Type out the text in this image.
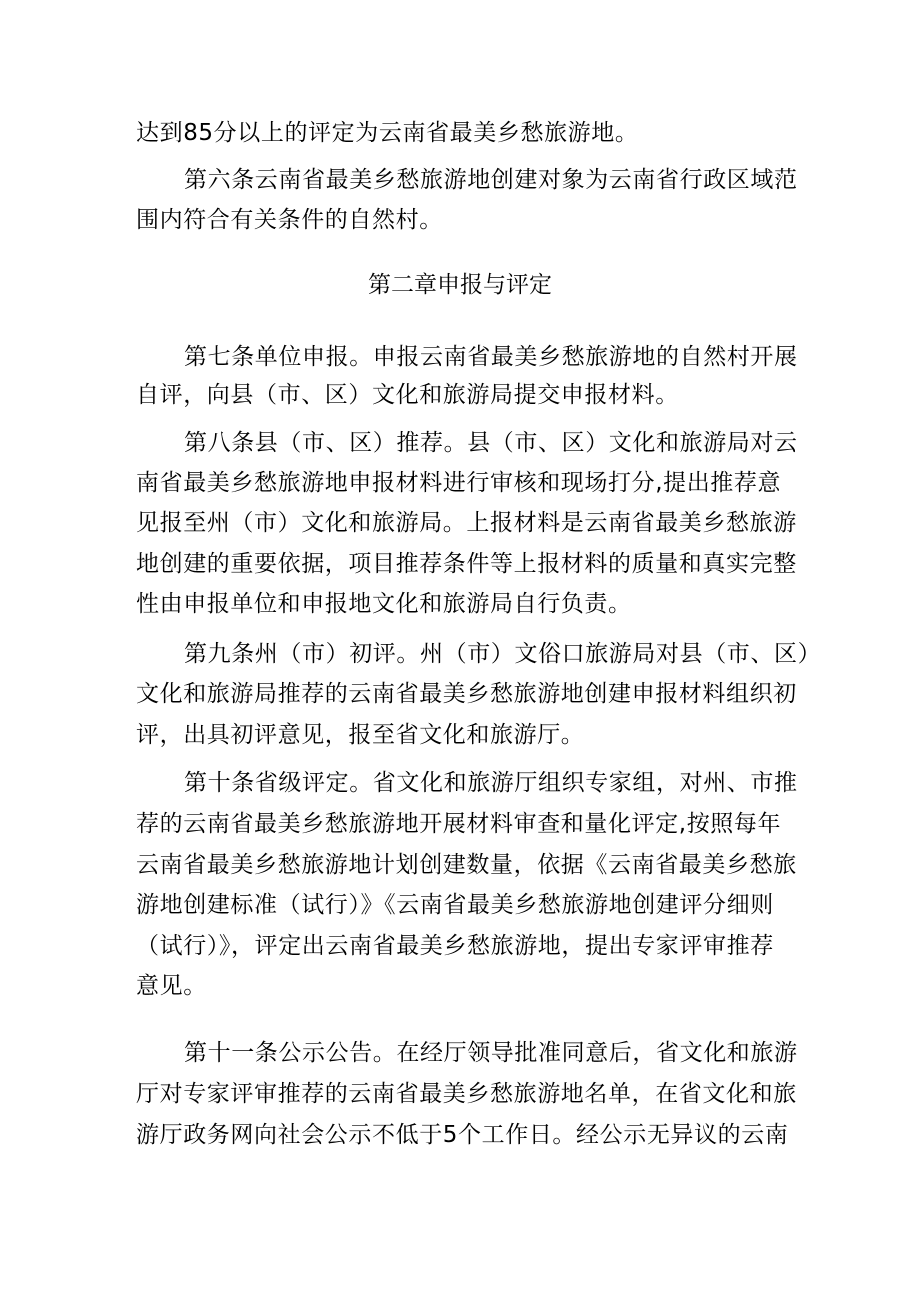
达到85分以上的评定为云南省最美乡愁旅游地。
第六条云南省最美乡愁旅游地创建对象为云南省行政区域范
围内符合有关条件的自然村。
第二章申报与评定
第七条单位申报。申报云南省最美乡愁旅游地的自然村开展
自评，向县（市、区）文化和旅游局提交申报材料。
第八条县（市、区）推荐。县（市、区）文化和旅游局对云
南省最美乡愁旅游地申报材料进行审核和现场打分,提出推荐意
见报至州（市）文化和旅游局。上报材料是云南省最美乡愁旅游
地创建的重要依据，项目推荐条件等上报材料的质量和真实完整
性由申报单位和申报地文化和旅游局自行负责。
第九条州（市）初评。州（市）文俗口旅游局对县（市、区）
文化和旅游局推荐的云南省最美乡愁旅游地创建申报材料组织初
评，出具初评意见，报至省文化和旅游厅。
第十条省级评定。省文化和旅游厅组织专家组，对州、市推
荐的云南省最美乡愁旅游地开展材料审查和量化评定,按照每年
云南省最美乡愁旅游地计划创建数量，依据《云南省最美乡愁旅
游地创建标准（试行）》《云南省最美乡愁旅游地创建评分细则
（试行）》，评定出云南省最美乡愁旅游地，提出专家评审推荐
意见。
第十一条公示公告。在经厅领导批准同意后，省文化和旅游
厅对专家评审推荐的云南省最美乡愁旅游地名单，在省文化和旅
游厅政务网向社会公示不低于5个工作日。经公示无异议的云南
